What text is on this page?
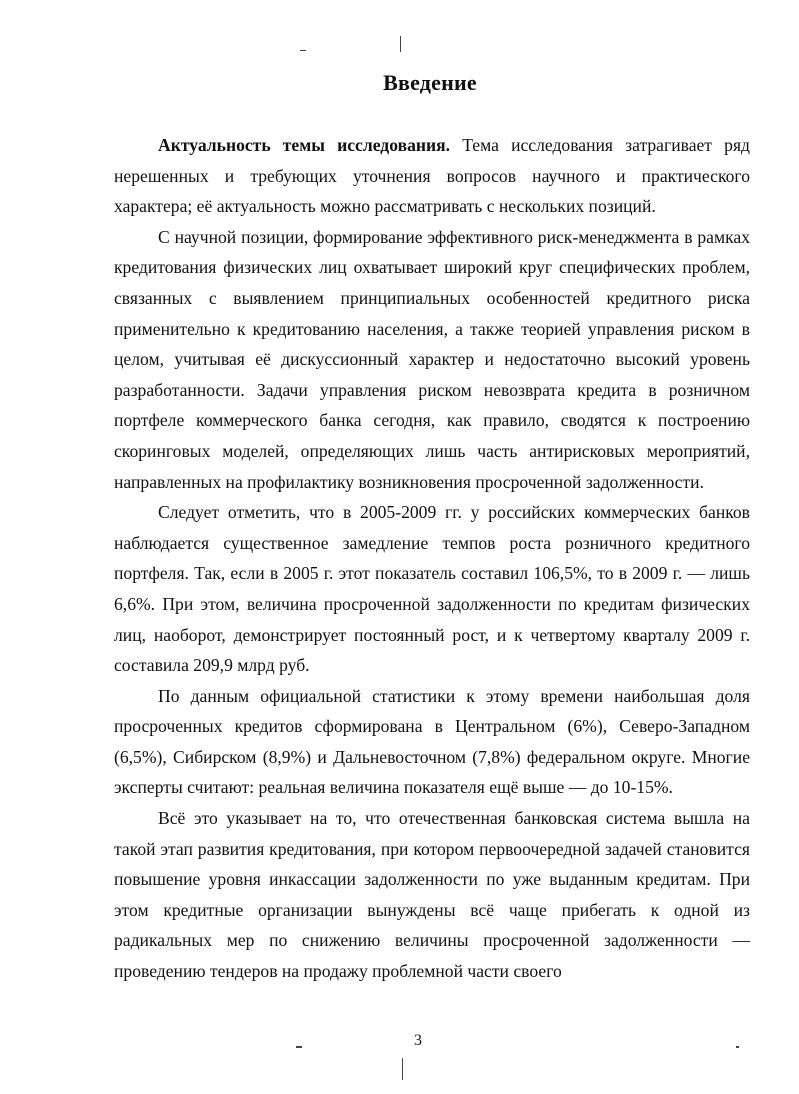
Введение

Актуальность темы исследования. Тема исследования затрагивает ряд нерешенных и требующих уточнения вопросов научного и практического характера; её актуальность можно рассматривать с нескольких позиций.

С научной позиции, формирование эффективного риск-менеджмента в рамках кредитования физических лиц охватывает широкий круг специфических проблем, связанных с выявлением принципиальных особенностей кредитного риска применительно к кредитованию населения, а также теорией управления риском в целом, учитывая её дискуссионный характер и недостаточно высокий уровень разработанности. Задачи управления риском невозврата кредита в розничном портфеле коммерческого банка сегодня, как правило, сводятся к построению скоринговых моделей, определяющих лишь часть антирисковых мероприятий, направленных на профилактику возникновения просроченной задолженности.

Следует отметить, что в 2005-2009 гг. у российских коммерческих банков наблюдается существенное замедление темпов роста розничного кредитного портфеля. Так, если в 2005 г. этот показатель составил 106,5%, то в 2009 г. — лишь 6,6%. При этом, величина просроченной задолженности по кредитам физических лиц, наоборот, демонстрирует постоянный рост, и к четвертому кварталу 2009 г. составила 209,9 млрд руб.

По данным официальной статистики к этому времени наибольшая доля просроченных кредитов сформирована в Центральном (6%), Северо-Западном (6,5%), Сибирском (8,9%) и Дальневосточном (7,8%) федеральном округе. Многие эксперты считают: реальная величина показателя ещё выше — до 10-15%.

Всё это указывает на то, что отечественная банковская система вышла на такой этап развития кредитования, при котором первоочередной задачей становится повышение уровня инкассации задолженности по уже выданным кредитам. При этом кредитные организации вынуждены всё чаще прибегать к одной из радикальных мер по снижению величины просроченной задолженности — проведению тендеров на продажу проблемной части своего

3
